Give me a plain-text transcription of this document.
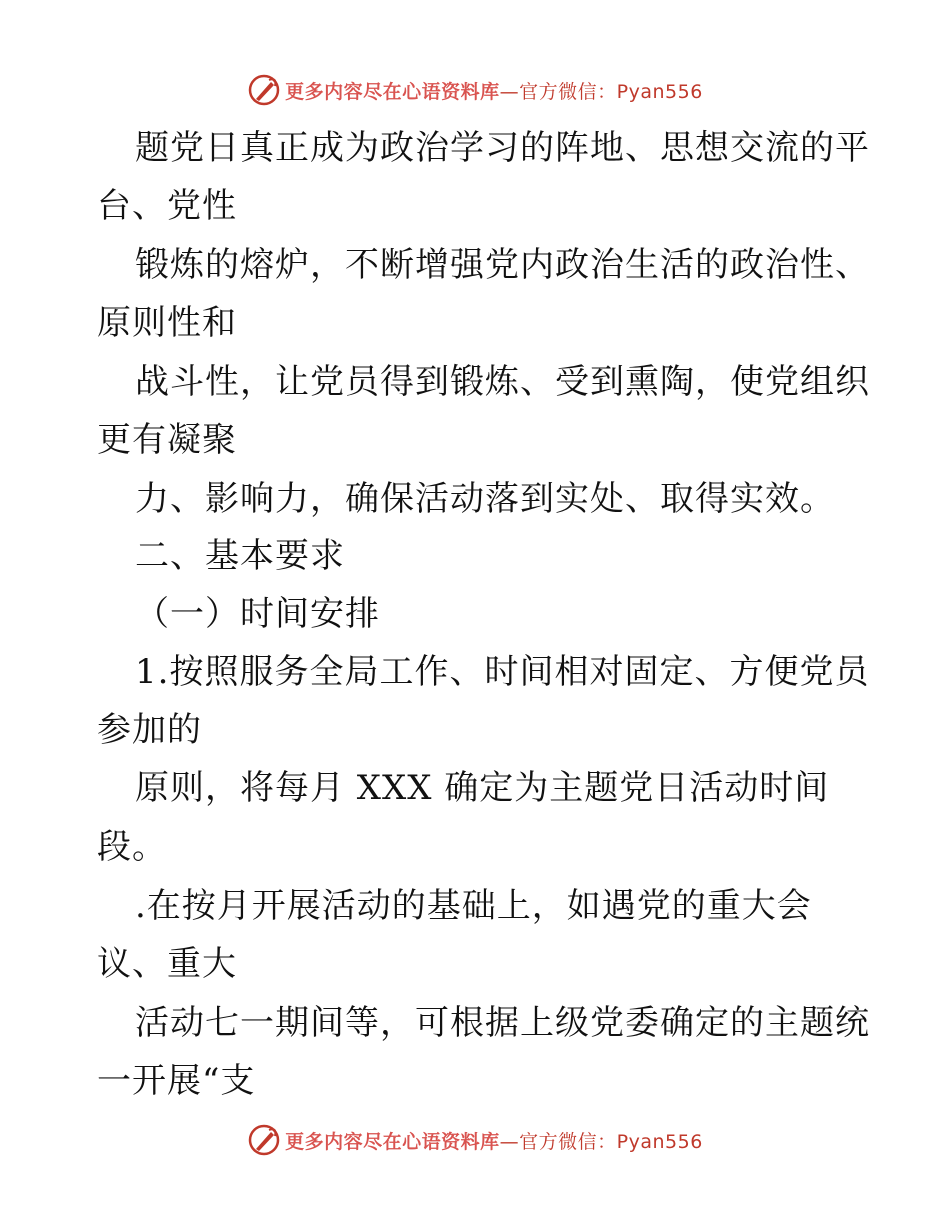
更多内容尽在心语资料库 —官方微信：Pyan556
题党日真正成为政治学习的阵地、思想交流的平
台、党性
锻炼的熔炉，不断增强党内政治生活的政治性、
原则性和
战斗性，让党员得到锻炼、受到熏陶，使党组织
更有凝聚
力、影响力，确保活动落到实处、取得实效。
二、基本要求
（一）时间安排
1.按照服务全局工作、时间相对固定、方便党员
参加的
原则，将每月 XXX 确定为主题党日活动时间
段。
.在按月开展活动的基础上，如遇党的重大会
议、重大
活动七一期间等，可根据上级党委确定的主题统
一开展“支
更多内容尽在心语资料库 —官方微信：Pyan556
